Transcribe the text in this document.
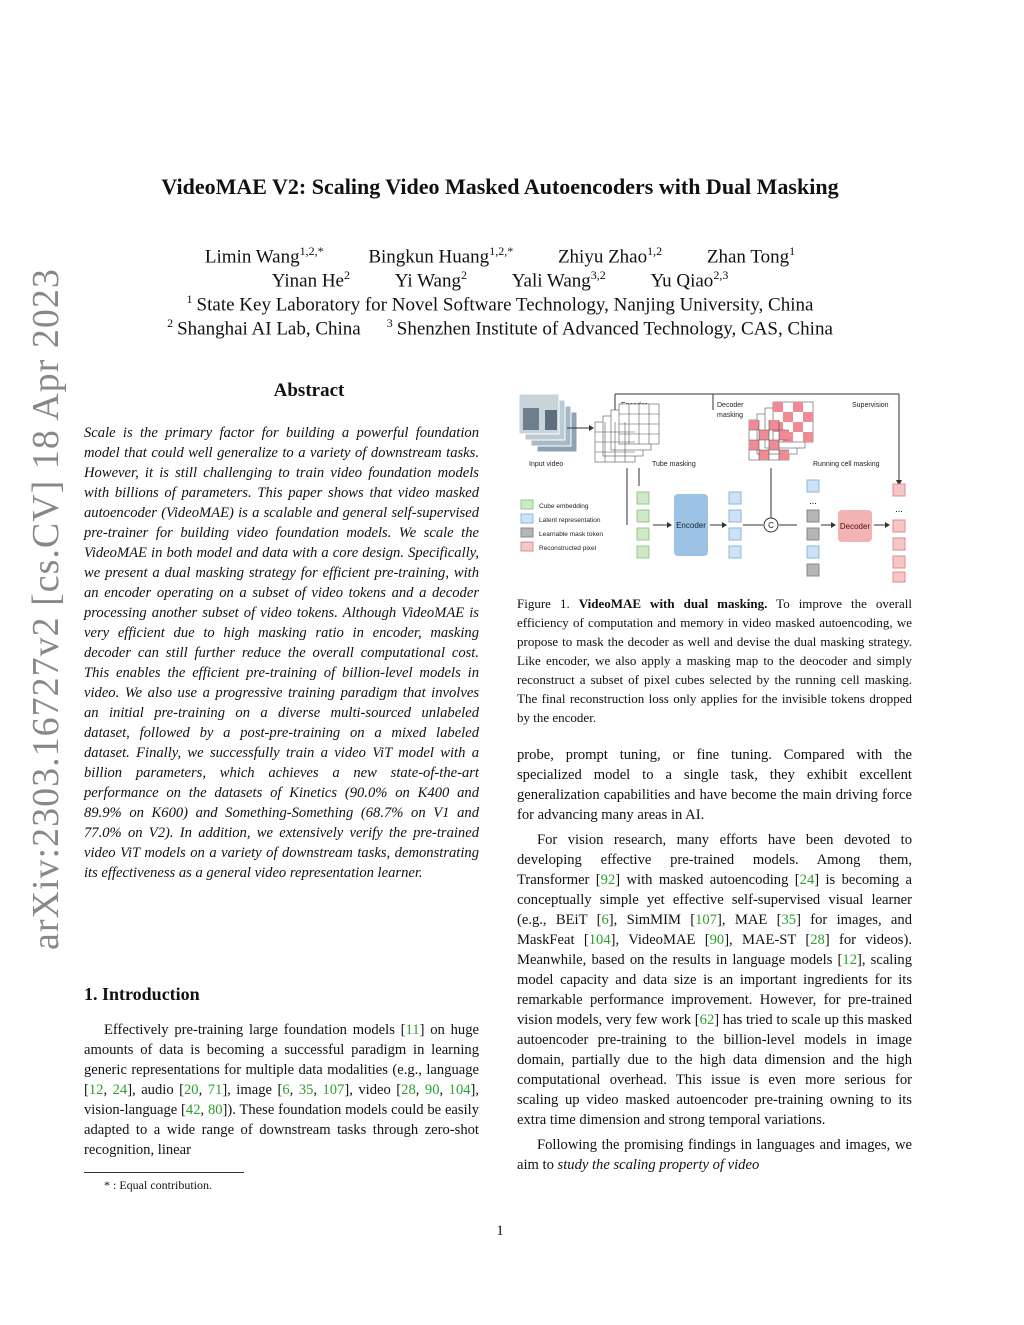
arXiv:2303.16727v2 [cs.CV] 18 Apr 2023
VideoMAE V2: Scaling Video Masked Autoencoders with Dual Masking
Limin Wang$^{1,2,*}$ Bingkun Huang$^{1,2,*}$ Zhiyu Zhao$^{1,2}$ Zhan Tong$^1$
Yinan He$^2$ Yi Wang$^2$ Yali Wang$^{3,2}$ Yu Qiao$^{2,3}$
$^1$ State Key Laboratory for Novel Software Technology, Nanjing University, China
$^2$ Shanghai AI Lab, China $^3$ Shenzhen Institute of Advanced Technology, CAS, China
Abstract

Scale is the primary factor for building a powerful foundation model that could well generalize to a variety of downstream tasks. However, it is still challenging to train video foundation models with billions of parameters. This paper shows that video masked autoencoder (VideoMAE) is a scalable and general self-supervised pre-trainer for building video foundation models. We scale the VideoMAE in both model and data with a core design. Specifically, we present a dual masking strategy for efficient pre-training, with an encoder operating on a subset of video tokens and a decoder processing another subset of video tokens. Although VideoMAE is very efficient due to high masking ratio in encoder, masking decoder can still further reduce the overall computational cost. This enables the efficient pre-training of billion-level models in video. We also use a progressive training paradigm that involves an initial pre-training on a diverse multi-sourced unlabeled dataset, followed by a post-pre-training on a mixed labeled dataset. Finally, we successfully train a video ViT model with a billion parameters, which achieves a new state-of-the-art performance on the datasets of Kinetics (90.0% on K400 and 89.9% on K600) and Something-Something (68.7% on V1 and 77.0% on V2). In addition, we extensively verify the pre-trained video ViT models on a variety of downstream tasks, demonstrating its effectiveness as a general video representation learner.

1. Introduction

Effectively pre-training large foundation models [11] on huge amounts of data is becoming a successful paradigm in learning generic representations for multiple data modalities (e.g., language [12, 24], audio [20, 71], image [6, 35, 107], video [28, 90, 104], vision-language [42, 80]). These foundation models could be easily adapted to a wide range of downstream tasks through zero-shot recognition, linear

* : Equal contribution.
Input video
Decoder
masking
Supervision
Tube masking	Running cell masking
Cube embedding
Latent representation
Learnable mask token
Reconstructed pixel
Encoder	C
...
Decoder
...

Figure 1. VideoMAE with dual masking. To improve the overall efficiency of computation and memory in video masked autoencoding, we propose to mask the decoder as well and devise the dual masking strategy. Like encoder, we also apply a masking map to the deocoder and simply reconstruct a subset of pixel cubes selected by the running cell masking. The final reconstruction loss only applies for the invisible tokens dropped by the encoder.

probe, prompt tuning, or fine tuning. Compared with the specialized model to a single task, they exhibit excellent generalization capabilities and have become the main driving force for advancing many areas in AI.

For vision research, many efforts have been devoted to developing effective pre-trained models. Among them, Transformer [92] with masked autoencoding [24] is becoming a conceptually simple yet effective self-supervised visual learner (e.g., BEiT [6], SimMIM [107], MAE [35] for images, and MaskFeat [104], VideoMAE [90], MAE-ST [28] for videos). Meanwhile, based on the results in language models [12], scaling model capacity and data size is an important ingredients for its remarkable performance improvement. However, for pre-trained vision models, very few work [62] has tried to scale up this masked autoencoder pre-training to the billion-level models in image domain, partially due to the high data dimension and the high computational overhead. This issue is even more serious for scaling up video masked autoencoder pre-training owning to its extra time dimension and strong temporal variations.

Following the promising findings in languages and images, we aim to study the scaling property of video

1
